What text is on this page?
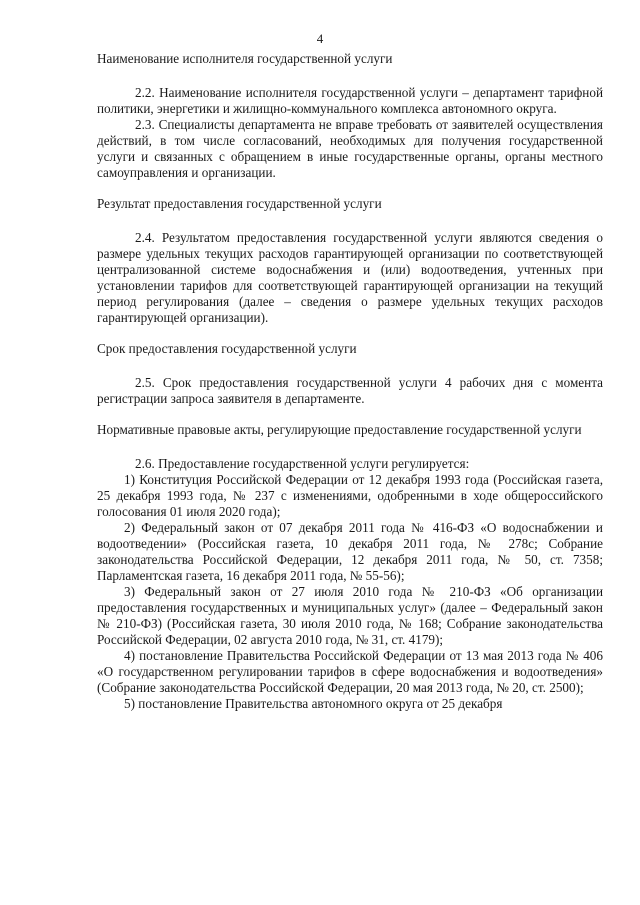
4

Наименование исполнителя государственной услуги

2.2. Наименование исполнителя государственной услуги – департамент тарифной политики, энергетики и жилищно-коммунального комплекса автономного округа.

2.3. Специалисты департамента не вправе требовать от заявителей осуществления действий, в том числе согласований, необходимых для получения государственной услуги и связанных с обращением в иные государственные органы, органы местного самоуправления и организации.

Результат предоставления государственной услуги

2.4. Результатом предоставления государственной услуги являются сведения о размере удельных текущих расходов гарантирующей организации по соответствующей централизованной системе водоснабжения и (или) водоотведения, учтенных при установлении тарифов для соответствующей гарантирующей организации на текущий период регулирования (далее – сведения о размере удельных текущих расходов гарантирующей организации).

Срок предоставления государственной услуги

2.5. Срок предоставления государственной услуги 4 рабочих дня с момента регистрации запроса заявителя в департаменте.

Нормативные правовые акты, регулирующие предоставление государственной услуги

2.6. Предоставление государственной услуги регулируется:

1) Конституция Российской Федерации от 12 декабря 1993 года (Российская газета, 25 декабря 1993 года, № 237 с изменениями, одобренными в ходе общероссийского голосования 01 июля 2020 года);

2) Федеральный закон от 07 декабря 2011 года № 416-ФЗ «О водоснабжении и водоотведении» (Российская газета, 10 декабря 2011 года, № 278с; Собрание законодательства Российской Федерации, 12 декабря 2011 года, № 50, ст. 7358; Парламентская газета, 16 декабря 2011 года, № 55-56);

3) Федеральный закон от 27 июля 2010 года № 210-ФЗ «Об организации предоставления государственных и муниципальных услуг» (далее – Федеральный закон № 210-ФЗ) (Российская газета, 30 июля 2010 года, № 168; Собрание законодательства Российской Федерации, 02 августа 2010 года, № 31, ст. 4179);

4) постановление Правительства Российской Федерации от 13 мая 2013 года № 406 «О государственном регулировании тарифов в сфере водоснабжения и водоотведения» (Собрание законодательства Российской Федерации, 20 мая 2013 года, № 20, ст. 2500);

5) постановление Правительства автономного округа от 25 декабря
